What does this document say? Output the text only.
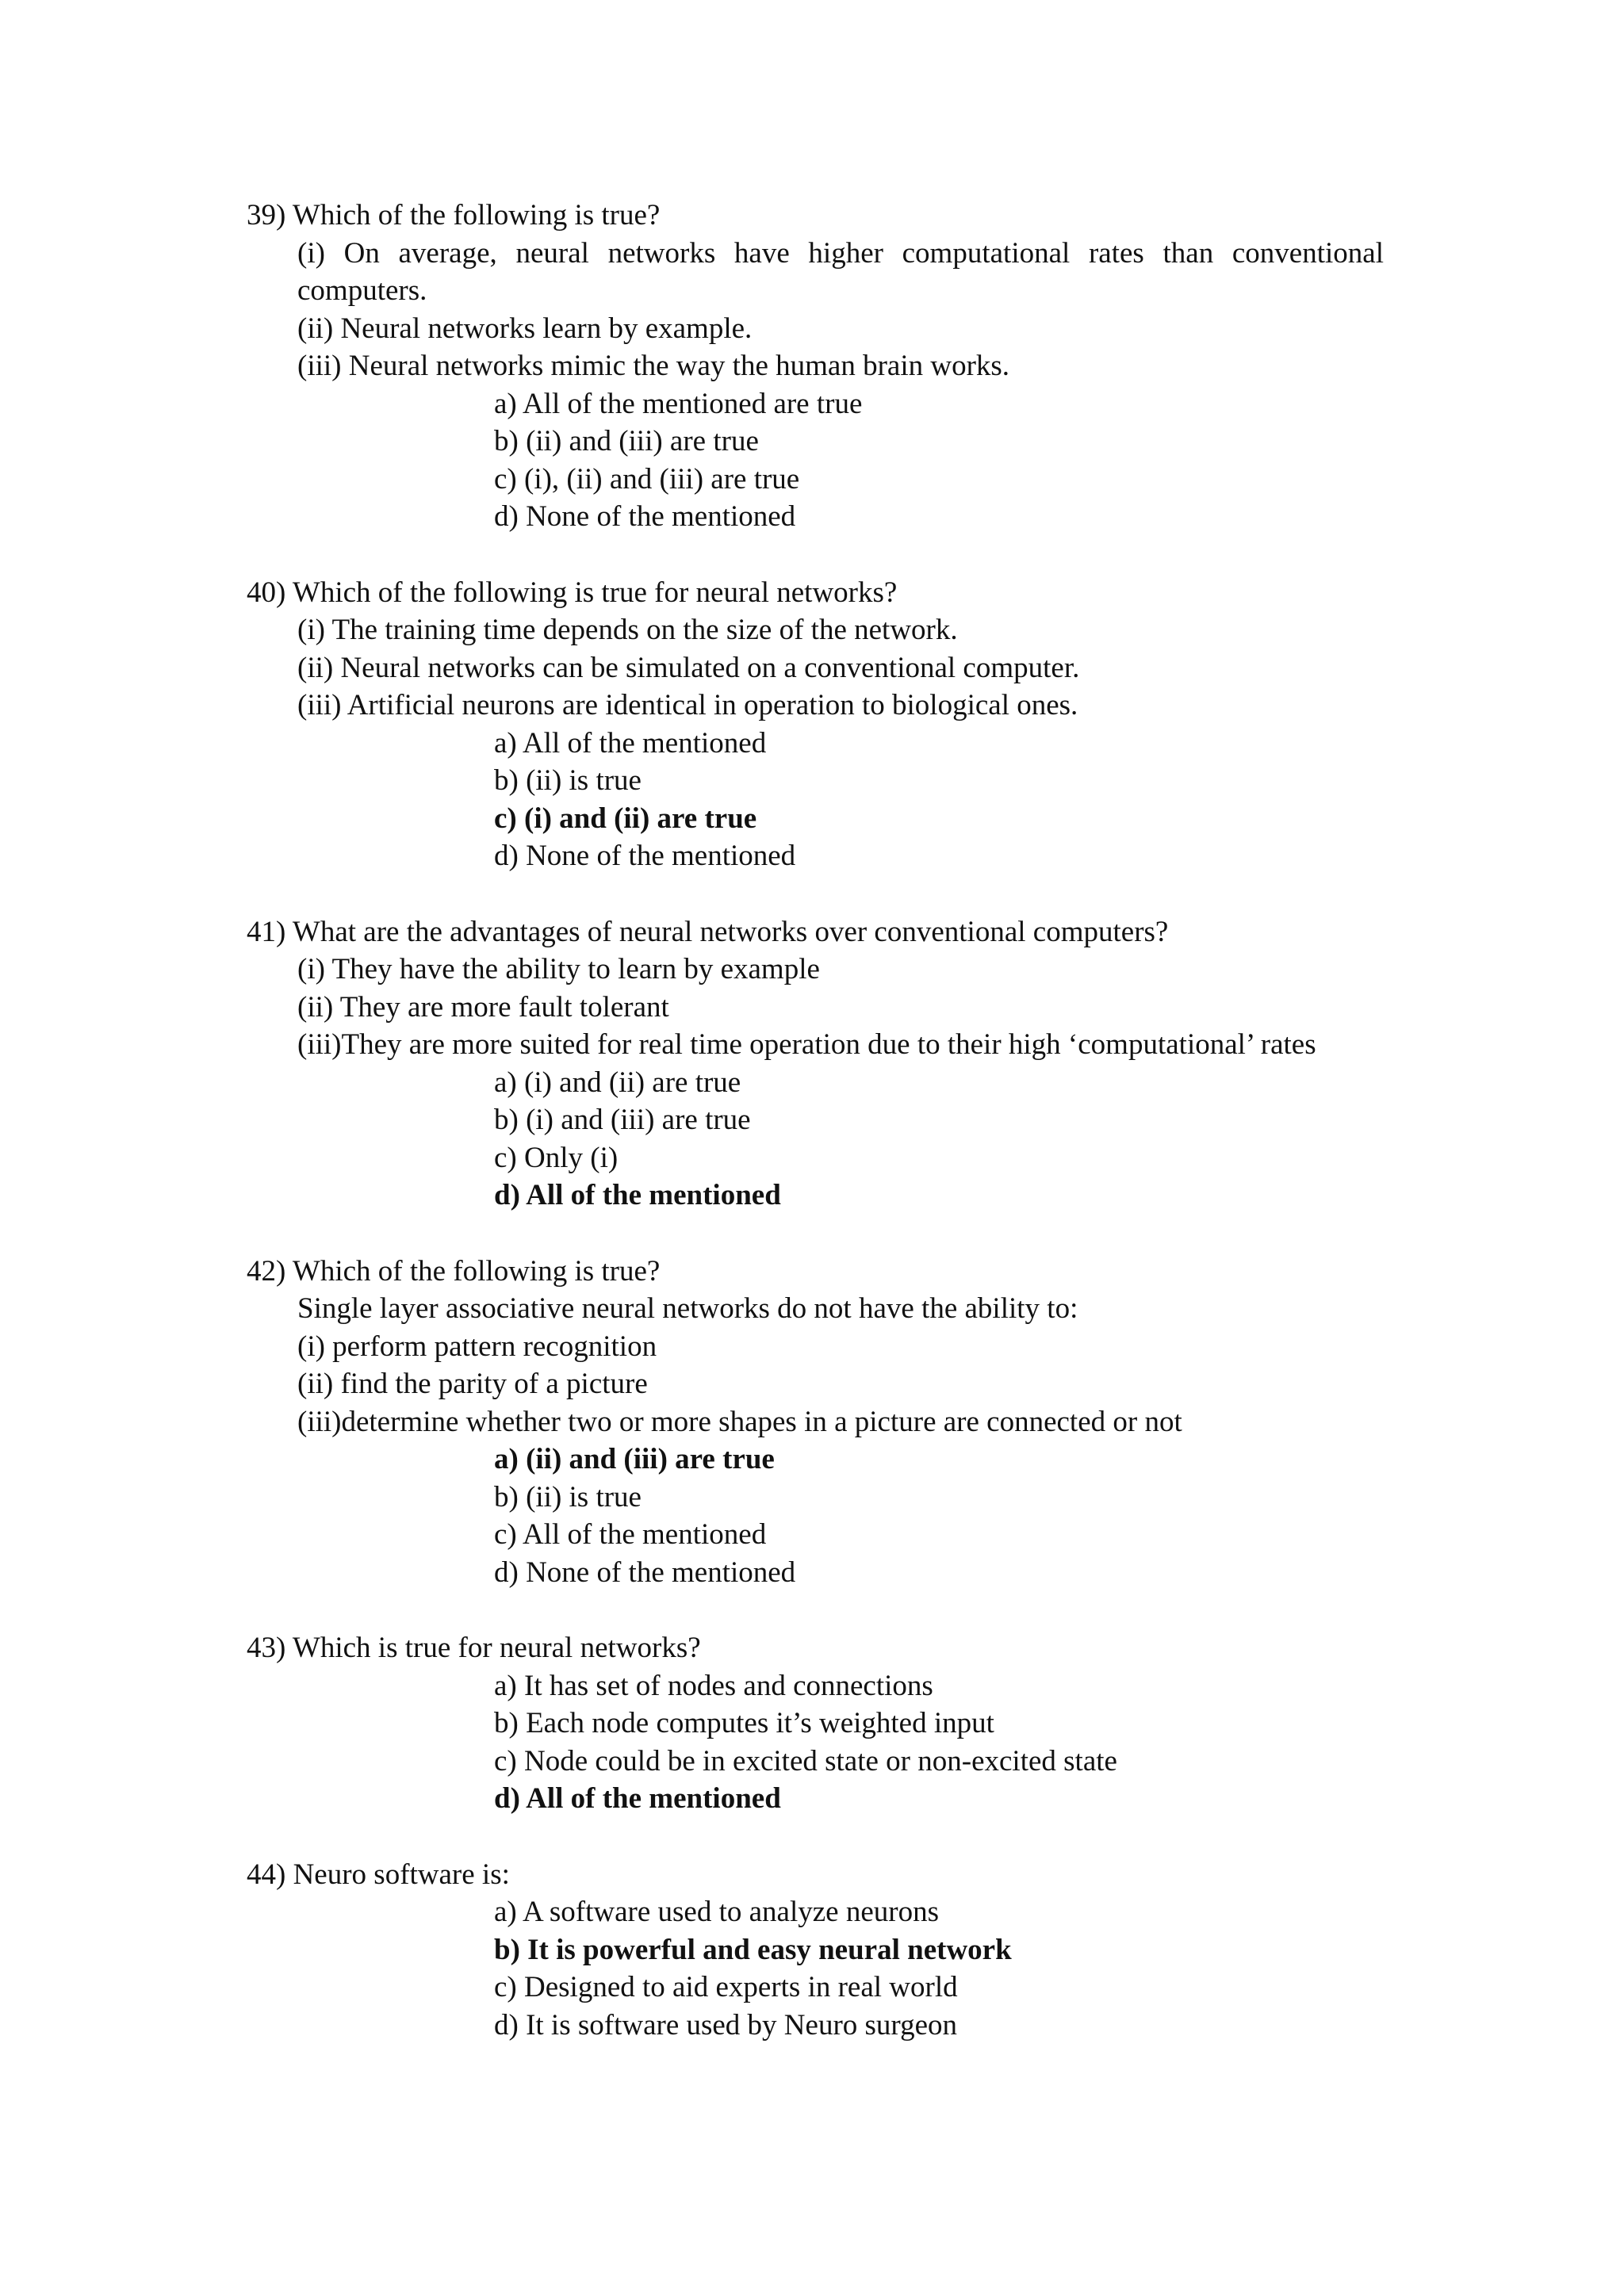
39) Which of the following is true?
(i) On average, neural networks have higher computational rates than conventional computers.
(ii) Neural networks learn by example.
(iii) Neural networks mimic the way the human brain works.
a) All of the mentioned are true
b) (ii) and (iii) are true
c) (i), (ii) and (iii) are true
d) None of the mentioned
40) Which of the following is true for neural networks?
(i) The training time depends on the size of the network.
(ii) Neural networks can be simulated on a conventional computer.
(iii) Artificial neurons are identical in operation to biological ones.
a) All of the mentioned
b) (ii) is true
c) (i) and (ii) are true
d) None of the mentioned
41) What are the advantages of neural networks over conventional computers?
(i) They have the ability to learn by example
(ii) They are more fault tolerant
(iii)They are more suited for real time operation due to their high ‘computational’ rates
a) (i) and (ii) are true
b) (i) and (iii) are true
c) Only (i)
d) All of the mentioned
42) Which of the following is true?
Single layer associative neural networks do not have the ability to:
(i) perform pattern recognition
(ii) find the parity of a picture
(iii)determine whether two or more shapes in a picture are connected or not
a) (ii) and (iii) are true
b) (ii) is true
c) All of the mentioned
d) None of the mentioned
43) Which is true for neural networks?
a) It has set of nodes and connections
b) Each node computes it’s weighted input
c) Node could be in excited state or non-excited state
d) All of the mentioned
44) Neuro software is:
a) A software used to analyze neurons
b) It is powerful and easy neural network
c) Designed to aid experts in real world
d) It is software used by Neuro surgeon
